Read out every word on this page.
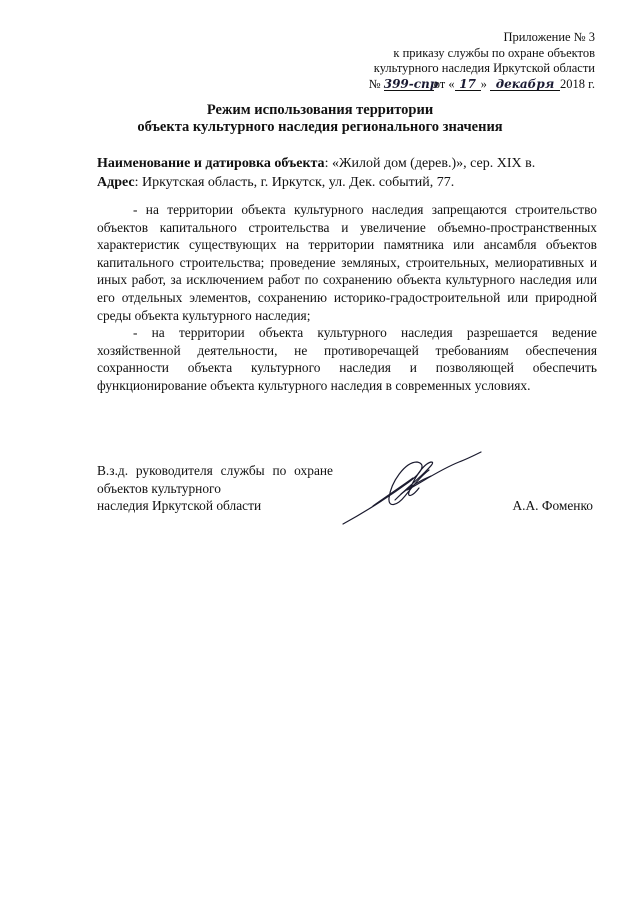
Приложение № 3
к приказу службы по охране объектов
культурного наследия Иркутской области
№ 399-спрот « 17 » декабря 2018 г.
Режим использования территории
объекта культурного наследия регионального значения
Наименование и датировка объекта: «Жилой дом (дерев.)», сер. XIX в.
Адрес: Иркутская область, г. Иркутск, ул. Дек. событий, 77.

- на территории объекта культурного наследия запрещаются строительство объектов капитального строительства и увеличение объемно-пространственных характеристик существующих на территории памятника или ансамбля объектов капитального строительства; проведение земляных, строительных, мелиоративных и иных работ, за исключением работ по сохранению объекта культурного наследия или его отдельных элементов, сохранению историко-градостроительной или природной среды объекта культурного наследия;

- на территории объекта культурного наследия разрешается ведение хозяйственной деятельности, не противоречащей требованиям обеспечения сохранности объекта культурного наследия и позволяющей обеспечить функционирование объекта культурного наследия в современных условиях.

В.з.д. руководителя службы по охране объектов культурного
наследия Иркутской области	А.А. Фоменко
